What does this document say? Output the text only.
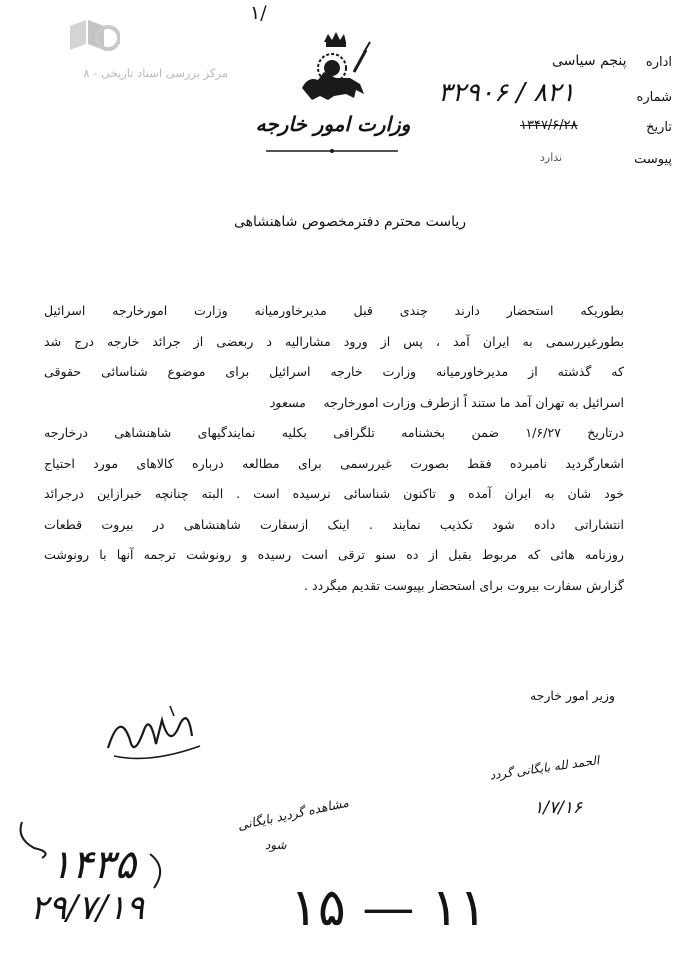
مرکز بررسی اسناد تاریخی - ۸
۱/
وزارت امور خارجه
اداره
پنجم سیاسی
شماره
۳۲۹۰۶ / ۸۲۱
تاریخ
۱۳۴۷/۶/۲۸
پیوست
ندارد
ریاست محترم دفترمخصوص شاهنشاهی
بطوریکه استحضار دارند چندی قبل مدیرخاورمیانه وزارت امورخارجه اسرائیل
بطورغیررسمی به ایران آمد ، پس از ورود مشارالیه د ربعضی از جرائد خارجه درج شد
که گذشته از مدیرخاورمیانه وزارت خارجه اسرائیل برای موضوع شناسائی حقوقی
اسرائیل به تهران آمد ما ستند اً ازطرف وزارت امورخارجه مسعود
درتاریخ ۱/۶/۲۷ ضمن بخشنامه تلگرافی بکلیه نمایندگیهای شاهنشاهی درخارجه
اشعارگردید نامبرده فقط بصورت غیررسمی برای مطالعه درباره کالاهای مورد احتیاج
خود شان به ایران آمده و تاکنون شناسائی نرسیده است . البته چنانچه خبرازاین درجرائد
انتشاراتی داده شود تکذیب نمایند . اینک ازسفارت شاهنشاهی در بیروت قطعات
روزنامه هائی که مربوط بقبل از ده سنو ترقی است رسیده و رونوشت ترجمه آنها با رونوشت
گزارش سفارت بیروت برای استحضار بپیوست تقدیم میگردد .
وزیر امور خارجه
الحمد لله بایگانی گردد
۱/۷/۱۶
مشاهده گردید بایگانی
شود
۱۴۳۵
۲۹/۷/۱۹	۱۵ — ۱۱
